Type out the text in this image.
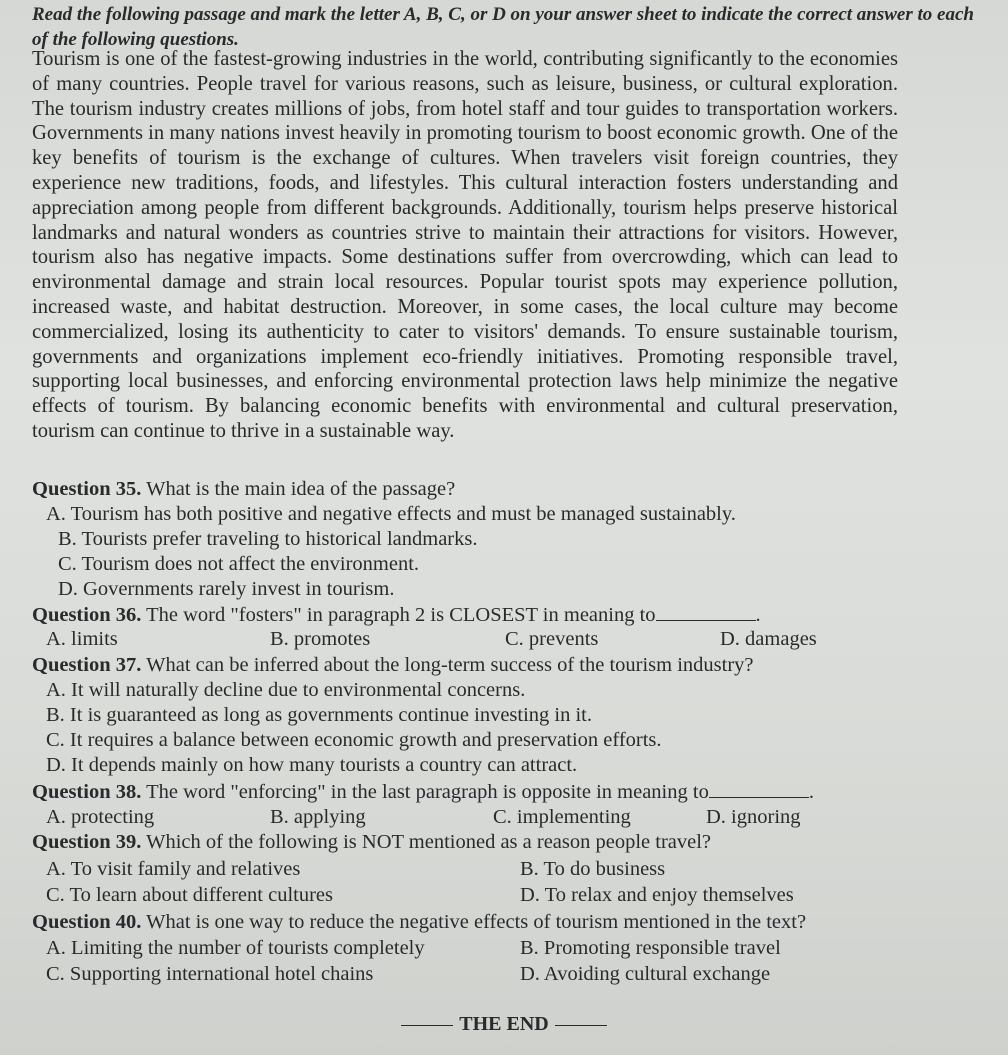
Read the following passage and mark the letter A, B, C, or D on your answer sheet to indicate the correct answer to each of the following questions.
Tourism is one of the fastest-growing industries in the world, contributing significantly to the economies of many countries. People travel for various reasons, such as leisure, business, or cultural exploration. The tourism industry creates millions of jobs, from hotel staff and tour guides to transportation workers. Governments in many nations invest heavily in promoting tourism to boost economic growth. One of the key benefits of tourism is the exchange of cultures. When travelers visit foreign countries, they experience new traditions, foods, and lifestyles. This cultural interaction fosters understanding and appreciation among people from different backgrounds. Additionally, tourism helps preserve historical landmarks and natural wonders as countries strive to maintain their attractions for visitors. However, tourism also has negative impacts. Some destinations suffer from overcrowding, which can lead to environmental damage and strain local resources. Popular tourist spots may experience pollution, increased waste, and habitat destruction. Moreover, in some cases, the local culture may become commercialized, losing its authenticity to cater to visitors' demands. To ensure sustainable tourism, governments and organizations implement eco-friendly initiatives. Promoting responsible travel, supporting local businesses, and enforcing environmental protection laws help minimize the negative effects of tourism. By balancing economic benefits with environmental and cultural preservation, tourism can continue to thrive in a sustainable way.
Question 35. What is the main idea of the passage?
A. Tourism has both positive and negative effects and must be managed sustainably.
B. Tourists prefer traveling to historical landmarks.
C. Tourism does not affect the environment.
D. Governments rarely invest in tourism.
Question 36. The word "fosters" in paragraph 2 is CLOSEST in meaning to	.
A. limits	B. promotes	C. prevents	D. damages
Question 37. What can be inferred about the long-term success of the tourism industry?
A. It will naturally decline due to environmental concerns.
B. It is guaranteed as long as governments continue investing in it.
C. It requires a balance between economic growth and preservation efforts.
D. It depends mainly on how many tourists a country can attract.
Question 38. The word "enforcing" in the last paragraph is opposite in meaning to	.
A. protecting	B. applying	C. implementing	D. ignoring
Question 39. Which of the following is NOT mentioned as a reason people travel?
A. To visit family and relatives	B. To do business
C. To learn about different cultures	D. To relax and enjoy themselves
Question 40. What is one way to reduce the negative effects of tourism mentioned in the text?
A. Limiting the number of tourists completely	B. Promoting responsible travel
C. Supporting international hotel chains	D. Avoiding cultural exchange
THE END
